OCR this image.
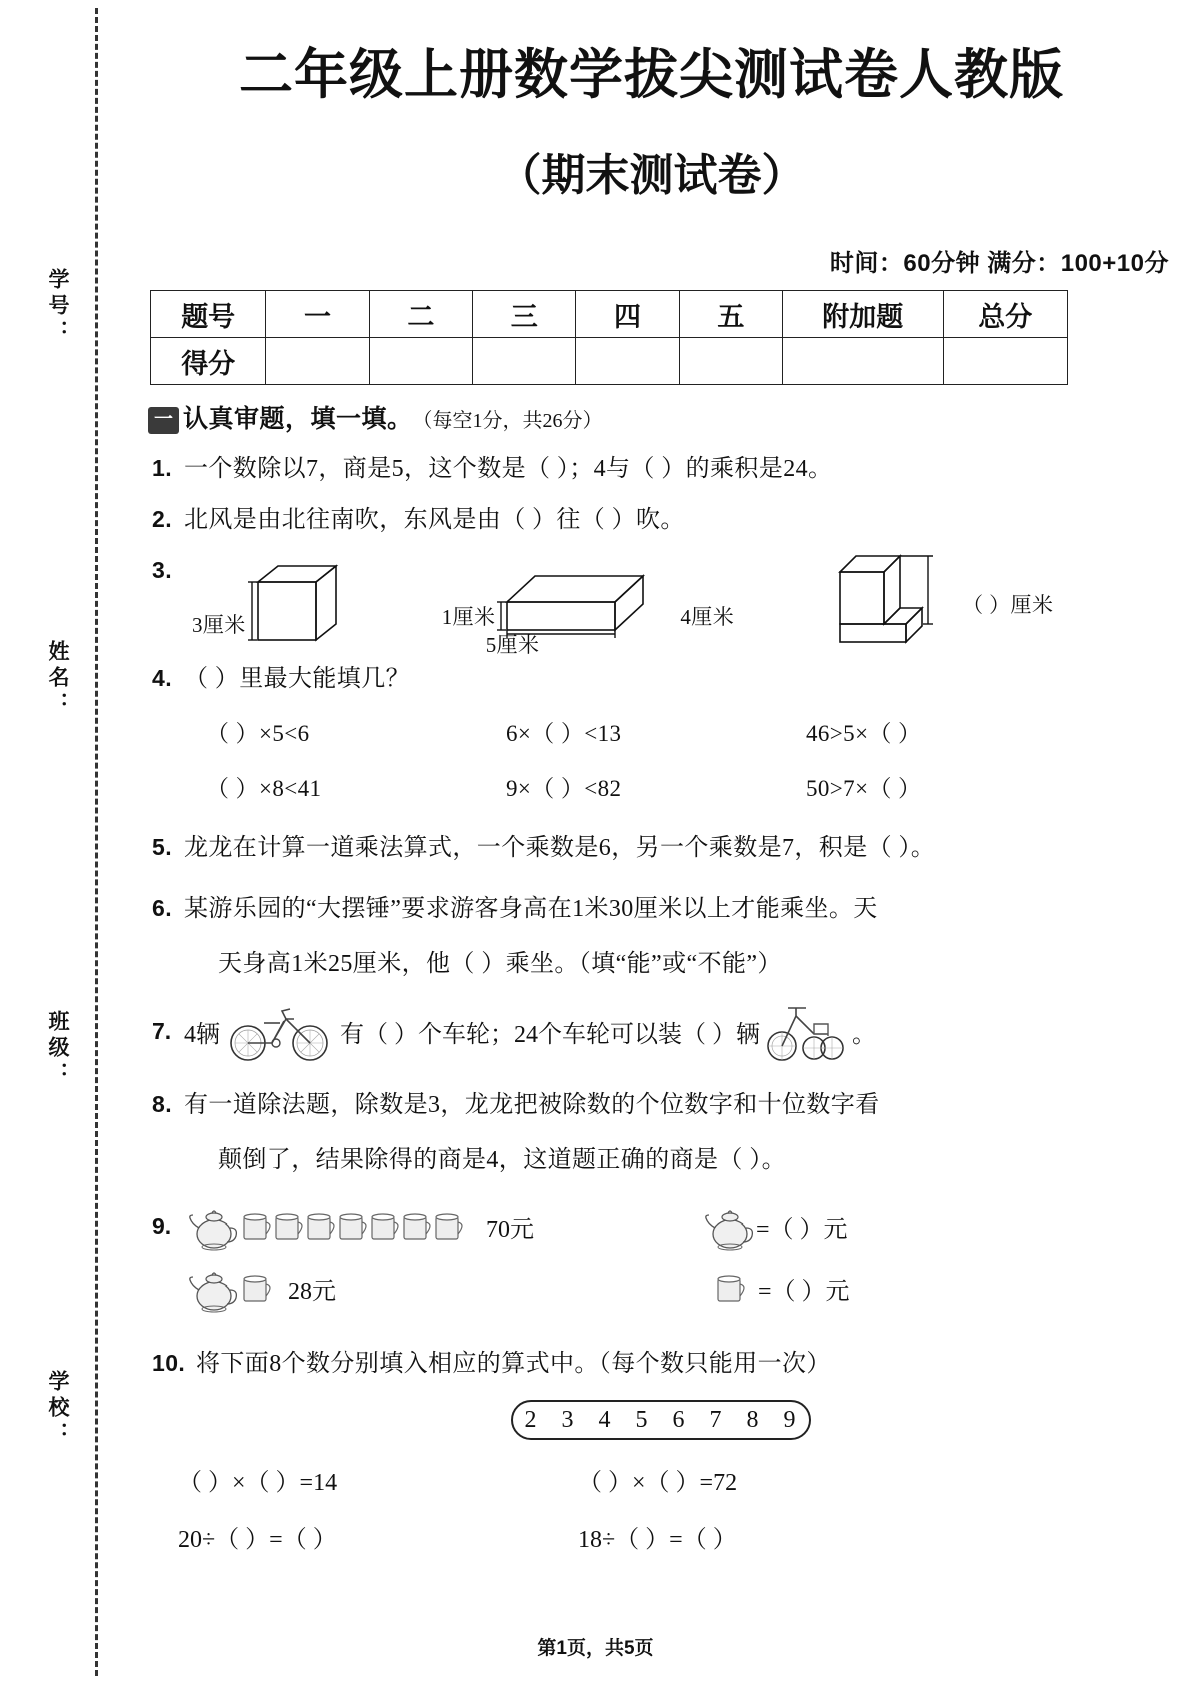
学号：
姓名：
班级：
学校：
二年级上册数学拔尖测试卷人教版
（期末测试卷）
时间：60分钟 满分：100+10分
题号	一	二	三	四	五	附加题	总分
得分							
一 认真审题，填一填。 （每空1分，共26分）
1. 一个数除以7，商是5，这个数是（ ）；4与（ ）的乘积是24。
2. 北风是由北往南吹，东风是由（ ）往（ ）吹。
3.
3厘米	1厘米	4厘米
5厘米
（ ）厘米
4. （ ）里最大能填几？
（ ）×5<6	6×（ ）<13	46>5×（ ）
（ ）×8<41	9×（ ）<82	50>7×（ ）
5. 龙龙在计算一道乘法算式，一个乘数是6，另一个乘数是7，积是（ ）。
6. 某游乐园的“大摆锤”要求游客身高在1米30厘米以上才能乘坐。天
天身高1米25厘米，他（ ）乘坐。（填“能”或“不能”）
7. 4辆	有（ ）个车轮；24个车轮可以装（ ）辆	。
8. 有一道除法题，除数是3，龙龙把被除数的个位数字和十位数字看
颠倒了，结果除得的商是4，这道题正确的商是（ ）。
9.	70元
28元
=（ ）元
=（ ）元
10. 将下面8个数分别填入相应的算式中。（每个数只能用一次）
2 3 4 5 6 7 8 9
（ ）×（ ）=14	（ ）×（ ）=72
20÷（ ）=（ ）	18÷（ ）=（ ）
第1页，共5页
